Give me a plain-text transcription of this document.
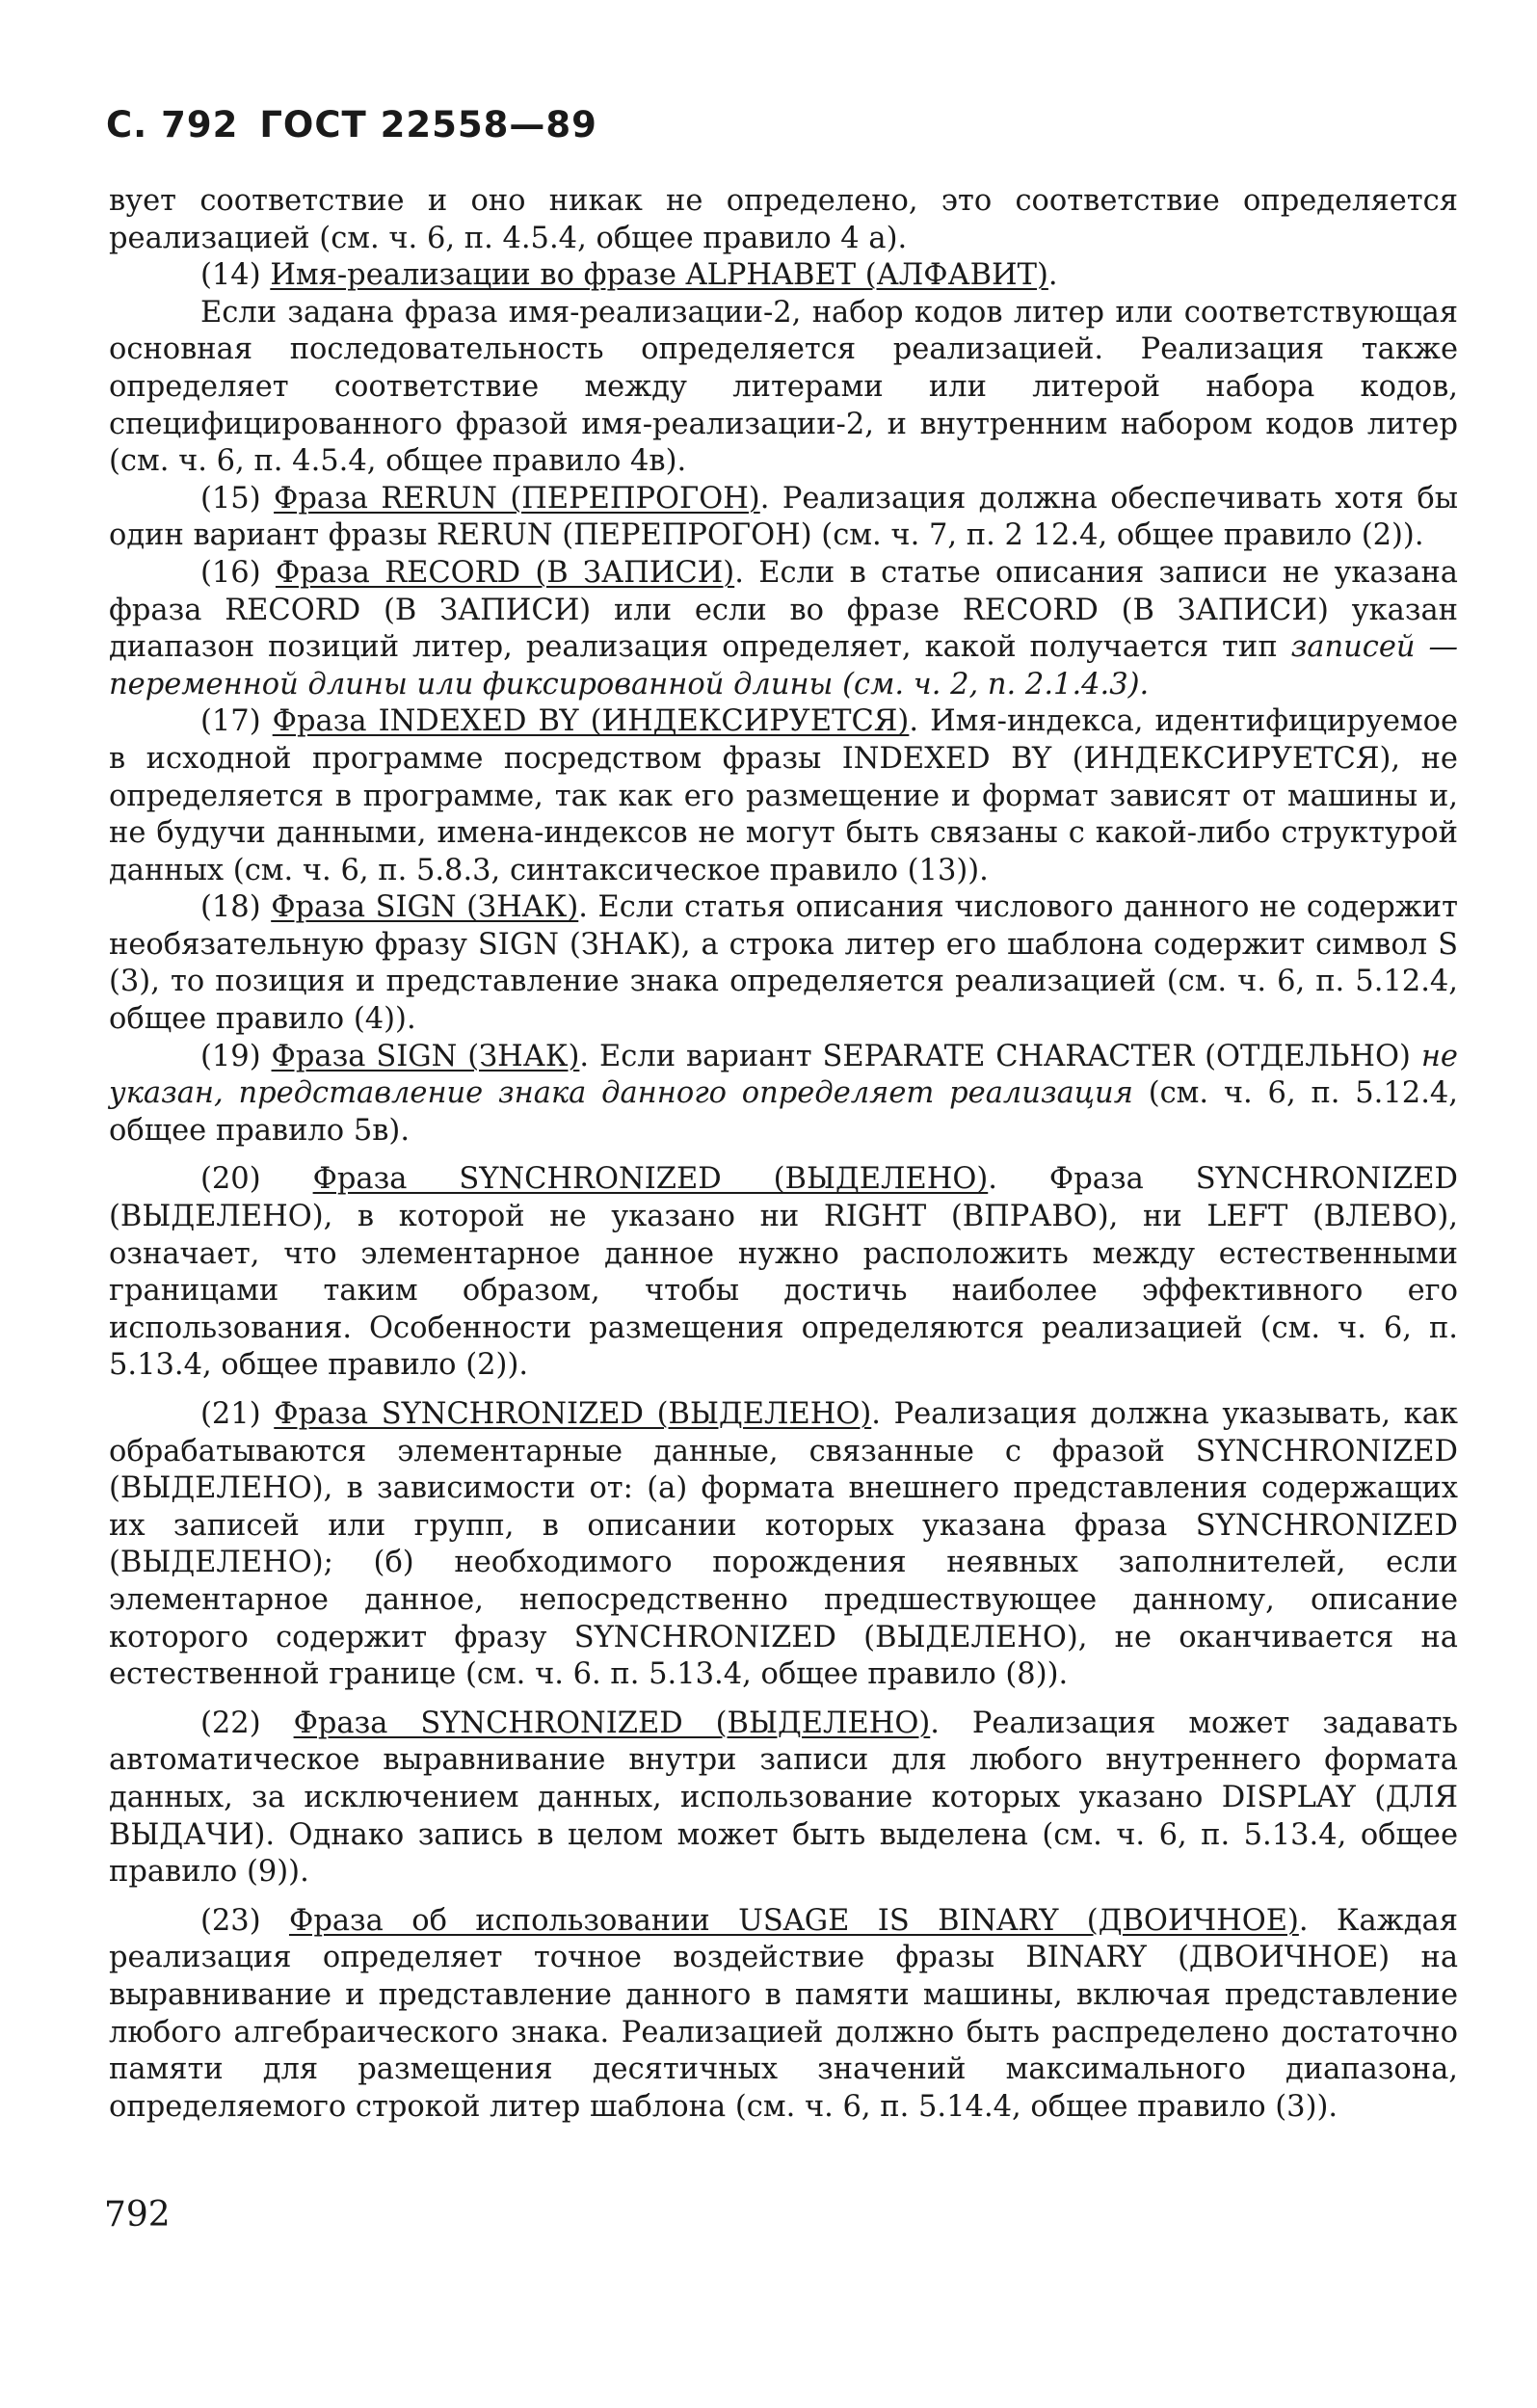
С. 792 ГОСТ 22558—89

вует соответствие и оно никак не определено, это соответствие определяется реализацией (см. ч. 6, п. 4.5.4, общее правило 4 а).

(14) Имя-реализации во фразе ALPHABET (АЛФАВИТ).

Если задана фраза имя-реализации-2, набор кодов литер или соответствующая основная последовательность определяется реализацией. Реализация также определяет соответствие между литерами или литерой набора кодов, специфицированного фразой имя-реализации-2, и внутренним набором кодов литер (см. ч. 6, п. 4.5.4, общее правило 4в).

(15) Фраза RERUN (ПЕРЕПРОГОН). Реализация должна обеспечивать хотя бы один вариант фразы RERUN (ПЕРЕПРОГОН) (см. ч. 7, п. 2 12.4, общее правило (2)).

(16) Фраза RECORD (В ЗАПИСИ). Если в статье описания записи не указана фраза RECORD (В ЗАПИСИ) или если во фразе RECORD (В ЗАПИСИ) указан диапазон позиций литер, реализация определяет, какой получается тип записей — переменной длины или фиксированной длины (см. ч. 2, п. 2.1.4.3).

(17) Фраза INDEXED BY (ИНДЕКСИРУЕТСЯ). Имя-индекса, идентифицируемое в исходной программе посредством фразы INDEXED BY (ИНДЕКСИРУЕТСЯ), не определяется в программе, так как его размещение и формат зависят от машины и, не будучи данными, имена-индексов не могут быть связаны с какой-либо структурой данных (см. ч. 6, п. 5.8.3, синтаксическое правило (13)).

(18) Фраза SIGN (ЗНАК). Если статья описания числового данного не содержит необязательную фразу SIGN (ЗНАК), а строка литер его шаблона содержит символ S (3), то позиция и представление знака определяется реализацией (см. ч. 6, п. 5.12.4, общее правило (4)).

(19) Фраза SIGN (ЗНАК). Если вариант SEPARATE CHARACTER (ОТДЕЛЬНО) не указан, представление знака данного определяет реализация (см. ч. 6, п. 5.12.4, общее правило 5в).

(20) Фраза SYNCHRONIZED (ВЫДЕЛЕНО). Фраза SYNCHRONIZED (ВЫДЕЛЕНО), в которой не указано ни RIGHT (ВПРАВО), ни LEFT (ВЛЕВО), означает, что элементарное данное нужно расположить между естественными границами таким образом, чтобы достичь наиболее эффективного его использования. Особенности размещения определяются реализацией (см. ч. 6, п. 5.13.4, общее правило (2)).

(21) Фраза SYNCHRONIZED (ВЫДЕЛЕНО). Реализация должна указывать, как обрабатываются элементарные данные, связанные с фразой SYNCHRONIZED (ВЫДЕЛЕНО), в зависимости от: (а) формата внешнего представления содержащих их записей или групп, в описании которых указана фраза SYNCHRONIZED (ВЫДЕЛЕНО); (б) необходимого порождения неявных заполнителей, если элементарное данное, непосредственно предшествующее данному, описание которого содержит фразу SYNCHRONIZED (ВЫДЕЛЕНО), не оканчивается на естественной границе (см. ч. 6. п. 5.13.4, общее правило (8)).

(22) Фраза SYNCHRONIZED (ВЫДЕЛЕНО). Реализация может задавать автоматическое выравнивание внутри записи для любого внутреннего формата данных, за исключением данных, использование которых указано DISPLAY (ДЛЯ ВЫДАЧИ). Однако запись в целом может быть выделена (см. ч. 6, п. 5.13.4, общее правило (9)).

(23) Фраза об использовании USAGE IS BINARY (ДВОИЧНОЕ). Каждая реализация определяет точное воздействие фразы BINARY (ДВОИЧНОЕ) на выравнивание и представление данного в памяти машины, включая представление любого алгебраического знака. Реализацией должно быть распределено достаточно памяти для размещения десятичных значений максимального диапазона, определяемого строкой литер шаблона (см. ч. 6, п. 5.14.4, общее правило (3)).

792
